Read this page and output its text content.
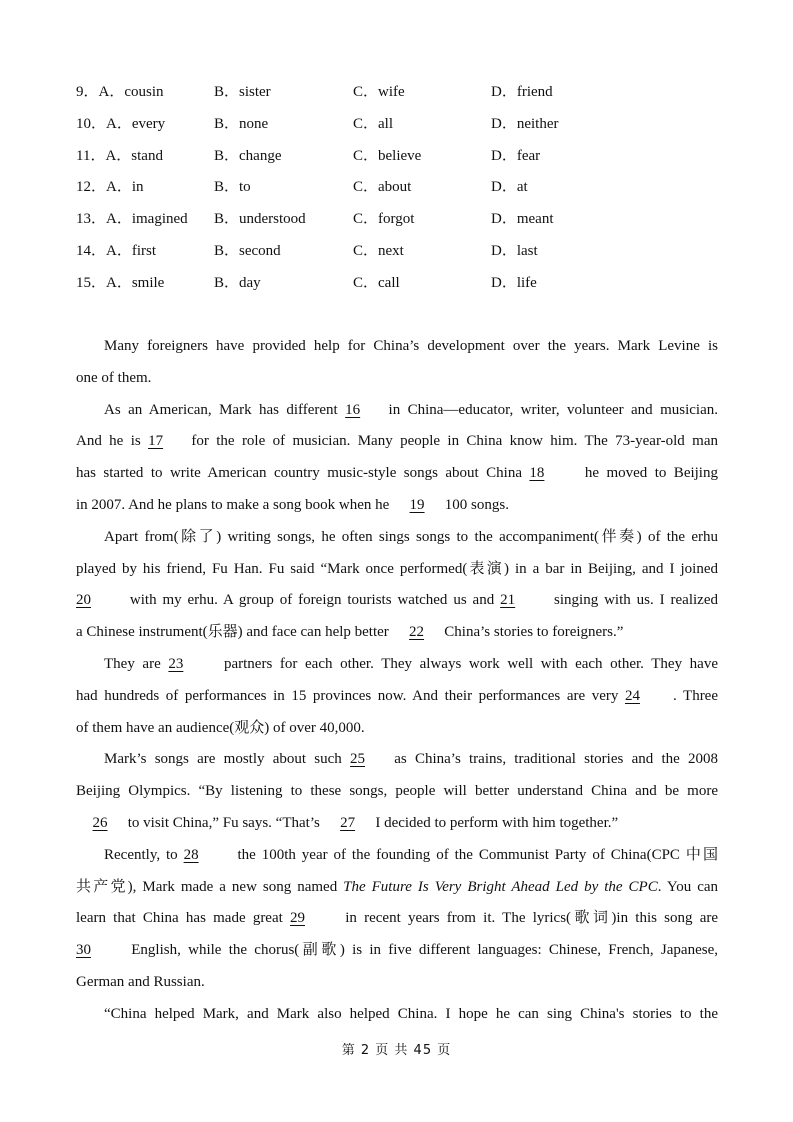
9．A．cousin	B．sister	C．wife	D．friend
10．A．every	B．none	C．all	D．neither
11．A．stand	B．change	C．believe	D．fear
12．A．in	B．to	C．about	D．at
13．A．imagined B．understood	C．forgot	D．meant
14．A．first	B．second	C．next	D．last
15．A．smile	B．day	C．call	D．life
Many foreigners have provided help for China’s development over the years. Mark Levine is
one of them.
As an American, Mark has different 16 in China—educator, writer, volunteer and musician.
And he is 17 for the role of musician. Many people in China know him. The 73-year-old man
has started to write American country music-style songs about China 18 he moved to Beijing
in 2007. And he plans to make a song book when he 19 100 songs.
Apart from(除了) writing songs, he often sings songs to the accompaniment(伴奏) of the erhu
played by his friend, Fu Han. Fu said “Mark once performed(表演) in a bar in Beijing, and I joined
20 with my erhu. A group of foreign tourists watched us and 21 singing with us. I realized
a Chinese instrument(乐器) and face can help better 22 China’s stories to foreigners.”
They are 23 partners for each other. They always work well with each other. They have
had hundreds of performances in 15 provinces now. And their performances are very 24 . Three
of them have an audience(观众) of over 40,000.
Mark’s songs are mostly about such 25 as China’s trains, traditional stories and the 2008
Beijing Olympics. “By listening to these songs, people will better understand China and be more
26 to visit China,” Fu says. “That’s 27 I decided to perform with him together.”
Recently, to 28 the 100th year of the founding of the Communist Party of China(CPC 中国
共产党), Mark made a new song named The Future Is Very Bright Ahead Led by the CPC. You can
learn that China has made great 29 in recent years from it. The lyrics(歌词)in this song are
30 English, while the chorus(副歌) is in five different languages: Chinese, French, Japanese,
German and Russian.
“China helped Mark, and Mark also helped China. I hope he can sing China's stories to the
第 2 页 共 45 页
